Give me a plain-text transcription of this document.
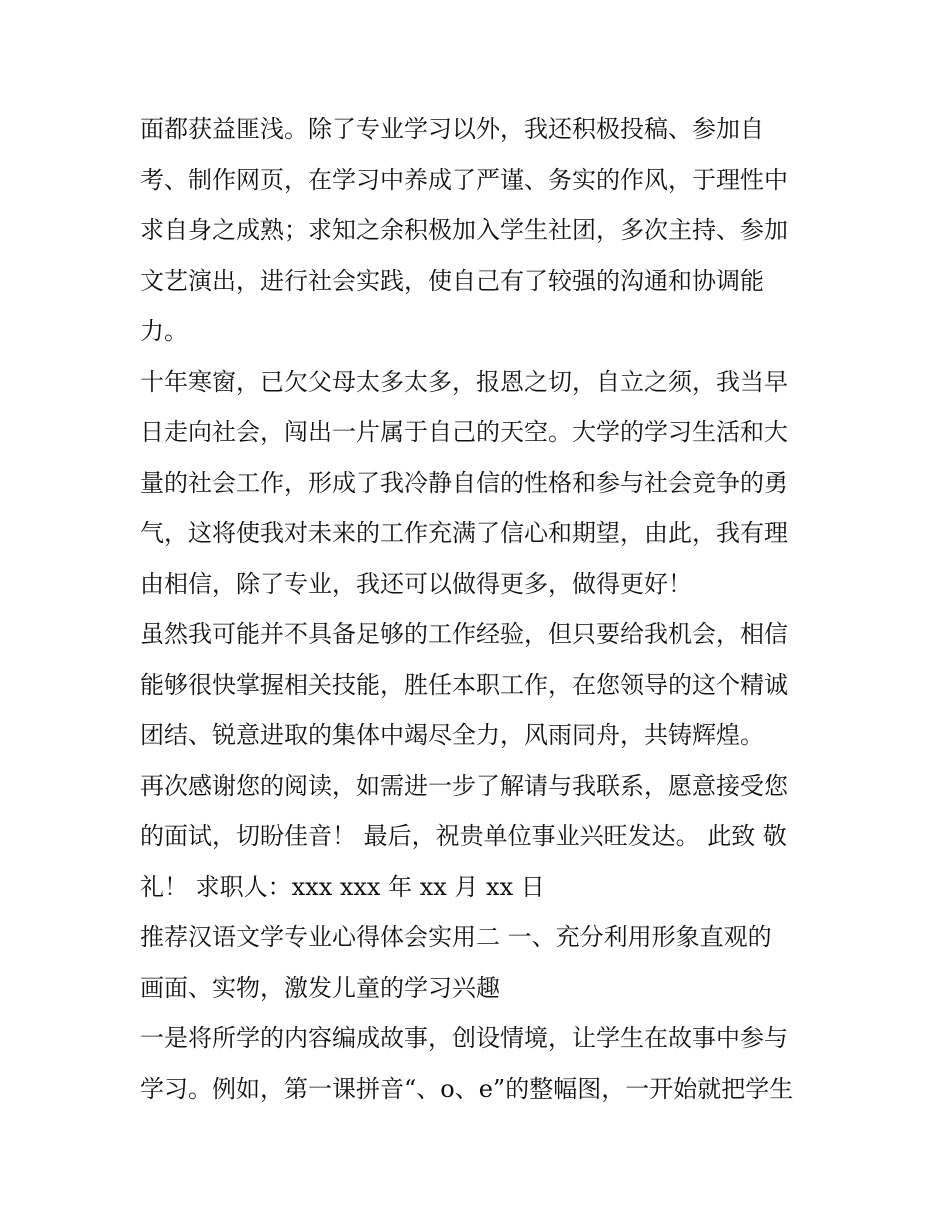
面都获益匪浅。除了专业学习以外，我还积极投稿、参加自
考、制作网页，在学习中养成了严谨、务实的作风，于理性中
求自身之成熟；求知之余积极加入学生社团，多次主持、参加
文艺演出，进行社会实践，使自己有了较强的沟通和协调能
力。
十年寒窗，已欠父母太多太多，报恩之切，自立之须，我当早
日走向社会，闯出一片属于自己的天空。大学的学习生活和大
量的社会工作，形成了我冷静自信的性格和参与社会竞争的勇
气，这将使我对未来的工作充满了信心和期望，由此，我有理
由相信，除了专业，我还可以做得更多，做得更好！
虽然我可能并不具备足够的工作经验，但只要给我机会，相信
能够很快掌握相关技能，胜任本职工作，在您领导的这个精诚
团结、锐意进取的集体中竭尽全力，风雨同舟，共铸辉煌。
再次感谢您的阅读，如需进一步了解请与我联系，愿意接受您
的面试，切盼佳音！ 最后，祝贵单位事业兴旺发达。 此致 敬
礼！ 求职人：xxx xxx 年 xx 月 xx 日
推荐汉语文学专业心得体会实用二 一、充分利用形象直观的
画面、实物，激发儿童的学习兴趣
一是将所学的内容编成故事，创设情境，让学生在故事中参与
学习。例如，第一课拼音“、o、e”的整幅图，一开始就把学生
